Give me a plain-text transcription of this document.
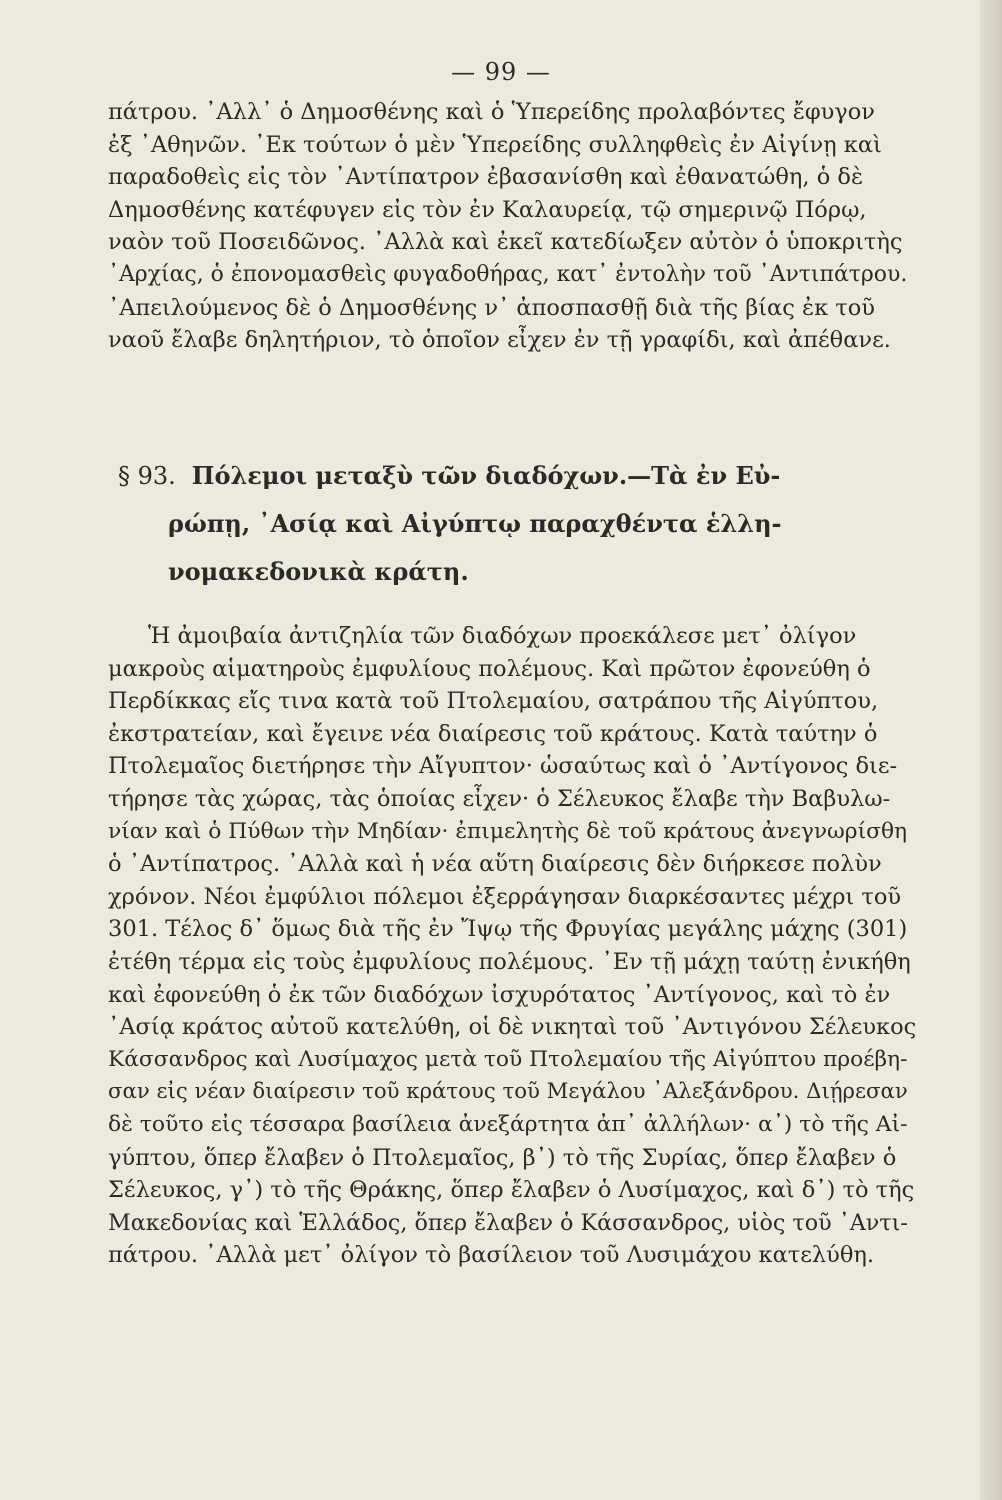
— 99 —
πάτρου. ᾿Αλλ᾿ ὁ Δημοσθένης καὶ ὁ Ὑπερείδης προλαβόντες ἔφυγον
ἐξ ᾿Αθηνῶν. ᾿Εκ τούτων ὁ μὲν Ὑπερείδης συλληφθεὶς ἐν Αἰγίνῃ καὶ
παραδοθεὶς εἰς τὸν ᾿Αντίπατρον ἐβασανίσθη καὶ ἐθανατώθη, ὁ δὲ
Δημοσθένης κατέφυγεν εἰς τὸν ἐν Καλαυρείᾳ, τῷ σημερινῷ Πόρῳ,
ναὸν τοῦ Ποσειδῶνος. ᾿Αλλὰ καὶ ἐκεῖ κατεδίωξεν αὐτὸν ὁ ὑποκριτὴς
᾿Αρχίας, ὁ ἐπονομασθεὶς φυγαδοθήρας, κατ᾿ ἐντολὴν τοῦ ᾿Αντιπάτρου.
᾿Απειλούμενος δὲ ὁ Δημοσθένης ν᾿ ἀποσπασθῇ διὰ τῆς βίας ἐκ τοῦ
ναοῦ ἔλαβε δηλητήριον, τὸ ὁποῖον εἶχεν ἐν τῇ γραφίδι, καὶ ἀπέθανε.
§ 93. Πόλεμοι μεταξὺ τῶν διαδόχων.—Τὰ ἐν Εὐ-
ρώπῃ, ᾿Ασίᾳ καὶ Αἰγύπτῳ παραχθέντα ἑλλη-
νομακεδονικὰ κράτη.
Ἡ ἀμοιβαία ἀντιζηλία τῶν διαδόχων προεκάλεσε μετ᾿ ὀλίγον
μακροὺς αἱματηροὺς ἐμφυλίους πολέμους. Καὶ πρῶτον ἐφονεύθη ὁ
Περδίκκας εἴς τινα κατὰ τοῦ Πτολεμαίου, σατράπου τῆς Αἰγύπτου,
ἐκστρατείαν, καὶ ἔγεινε νέα διαίρεσις τοῦ κράτους. Κατὰ ταύτην ὁ
Πτολεμαῖος διετήρησε τὴν Αἴγυπτον· ὡσαύτως καὶ ὁ ᾿Αντίγονος διε-
τήρησε τὰς χώρας, τὰς ὁποίας εἶχεν· ὁ Σέλευκος ἔλαβε τὴν Βαβυλω-
νίαν καὶ ὁ Πύθων τὴν Μηδίαν· ἐπιμελητὴς δὲ τοῦ κράτους ἀνεγνωρίσθη
ὁ ᾿Αντίπατρος. ᾿Αλλὰ καὶ ἡ νέα αὕτη διαίρεσις δὲν διήρκεσε πολὺν
χρόνον. Νέοι ἐμφύλιοι πόλεμοι ἐξερράγησαν διαρκέσαντες μέχρι τοῦ
301. Τέλος δ᾿ ὅμως διὰ τῆς ἐν Ἴψῳ τῆς Φρυγίας μεγάλης μάχης (301)
ἐτέθη τέρμα εἰς τοὺς ἐμφυλίους πολέμους. ᾿Εν τῇ μάχῃ ταύτῃ ἐνικήθη
καὶ ἐφονεύθη ὁ ἐκ τῶν διαδόχων ἰσχυρότατος ᾿Αντίγονος, καὶ τὸ ἐν
᾿Ασίᾳ κράτος αὐτοῦ κατελύθη, οἱ δὲ νικηταὶ τοῦ ᾿Αντιγόνου Σέλευκος
Κάσσανδρος καὶ Λυσίμαχος μετὰ τοῦ Πτολεμαίου τῆς Αἰγύπτου προέβη-
σαν εἰς νέαν διαίρεσιν τοῦ κράτους τοῦ Μεγάλου ᾿Αλεξάνδρου. Διῄρεσαν
δὲ τοῦτο εἰς τέσσαρα βασίλεια ἀνεξάρτητα ἀπ᾿ ἀλλήλων· α᾿) τὸ τῆς Αἰ-
γύπτου, ὅπερ ἔλαβεν ὁ Πτολεμαῖος, β᾿) τὸ τῆς Συρίας, ὅπερ ἔλαβεν ὁ
Σέλευκος, γ᾿) τὸ τῆς Θράκης, ὅπερ ἔλαβεν ὁ Λυσίμαχος, καὶ δ᾿) τὸ τῆς
Μακεδονίας καὶ Ἑλλάδος, ὅπερ ἔλαβεν ὁ Κάσσανδρος, υἱὸς τοῦ ᾿Αντι-
πάτρου. ᾿Αλλὰ μετ᾿ ὀλίγον τὸ βασίλειον τοῦ Λυσιμάχου κατελύθη.
